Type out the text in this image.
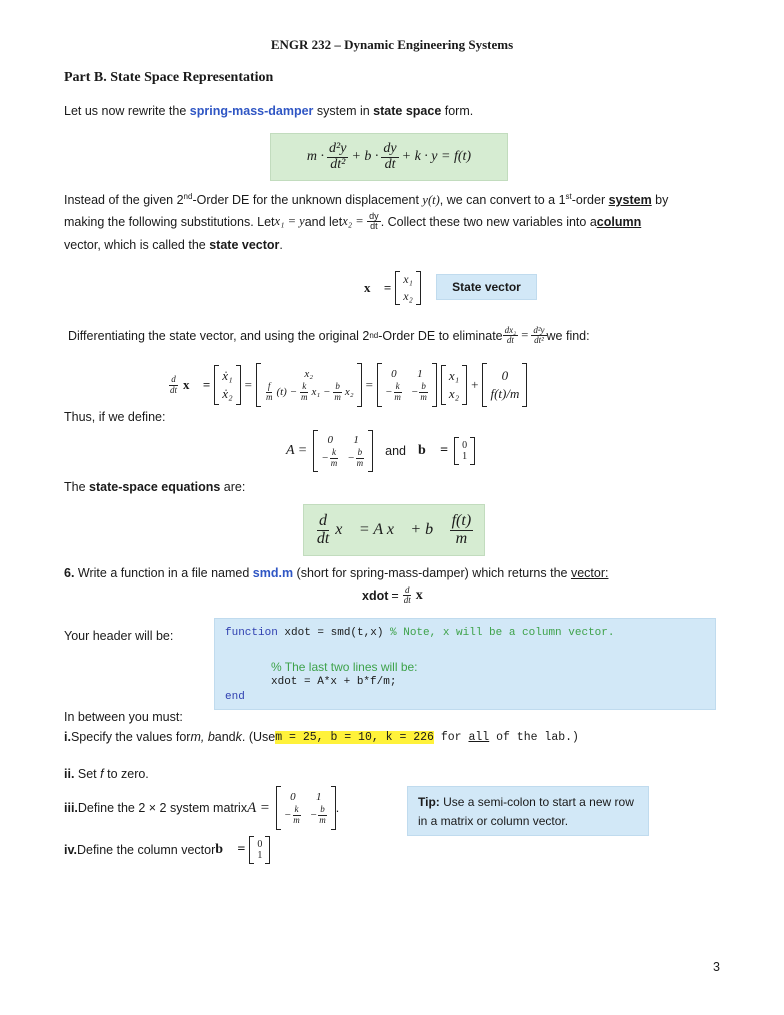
ENGR 232 – Dynamic Engineering Systems
Part B. State Space Representation
Let us now rewrite the spring-mass-damper system in state space form.
$m \cdot \frac{\text{d²y}}{\text{dt²}} + b \cdot \frac{dy}{dt} + k \cdot y = f(t)$
Instead of the given 2nd-Order DE for the unknown displacement y(t), we can convert to a 1st-order system by
making the following substitutions. Let x₁ = y and let x₂ =
$\frac{dy}{dt}$ . Collect these two new variables into a column
vector, which is called the state vector.
x⃗ =
x₁
x₂
State vector
Differentiating the state vector, and using the original 2 nd -Order DE to eliminate $\frac{\text{dx₂}}{dt} = \frac{\text{d²y}}{\text{dt²}}$ we find:
$\frac{d}{dt}$ x⃗ =
ẋ₁
ẋ₂
=
x₂
$\frac{f}{m} (t) - \frac{k}{m} x_1 - \frac{b}{m} x_2$ =
0	1
− $\frac{k}{m} - \frac{b}{m}$
x₁
x₂
+
0
f(t)/m
Thus, if we define:
A =
0	1
− $\frac{k}{m} - \frac{b}{m}$ and b⃗ = 0
1
The state-space equations are:
$\frac{d}{dt}$ x⃗ = A x⃗ + b⃗ $\frac{f(t)}{m}$
6. Write a function in a file named smd.m (short for spring-mass-damper) which returns the vector:
xdot = $\frac{d}{dt}$ x⃗
Your header will be:	function xdot = smd(t,x) % Note, x will be a column vector.
% The last two lines will be:
xdot = A*x + b*f/m;
end
In between you must:
i. Specify the values for m, b and k . (Use m = 25, b = 10, k = 226 for all of the lab.)
ii. Set f to zero.
iii. Define the 2 × 2 system matrix A =
0	1
− $\frac{k}{m} - \frac{b}{m}$ .	Tip: Use a semi-colon to start a new row in a matrix or column vector.
iv. Define the column vector b⃗ = 0
1
3
